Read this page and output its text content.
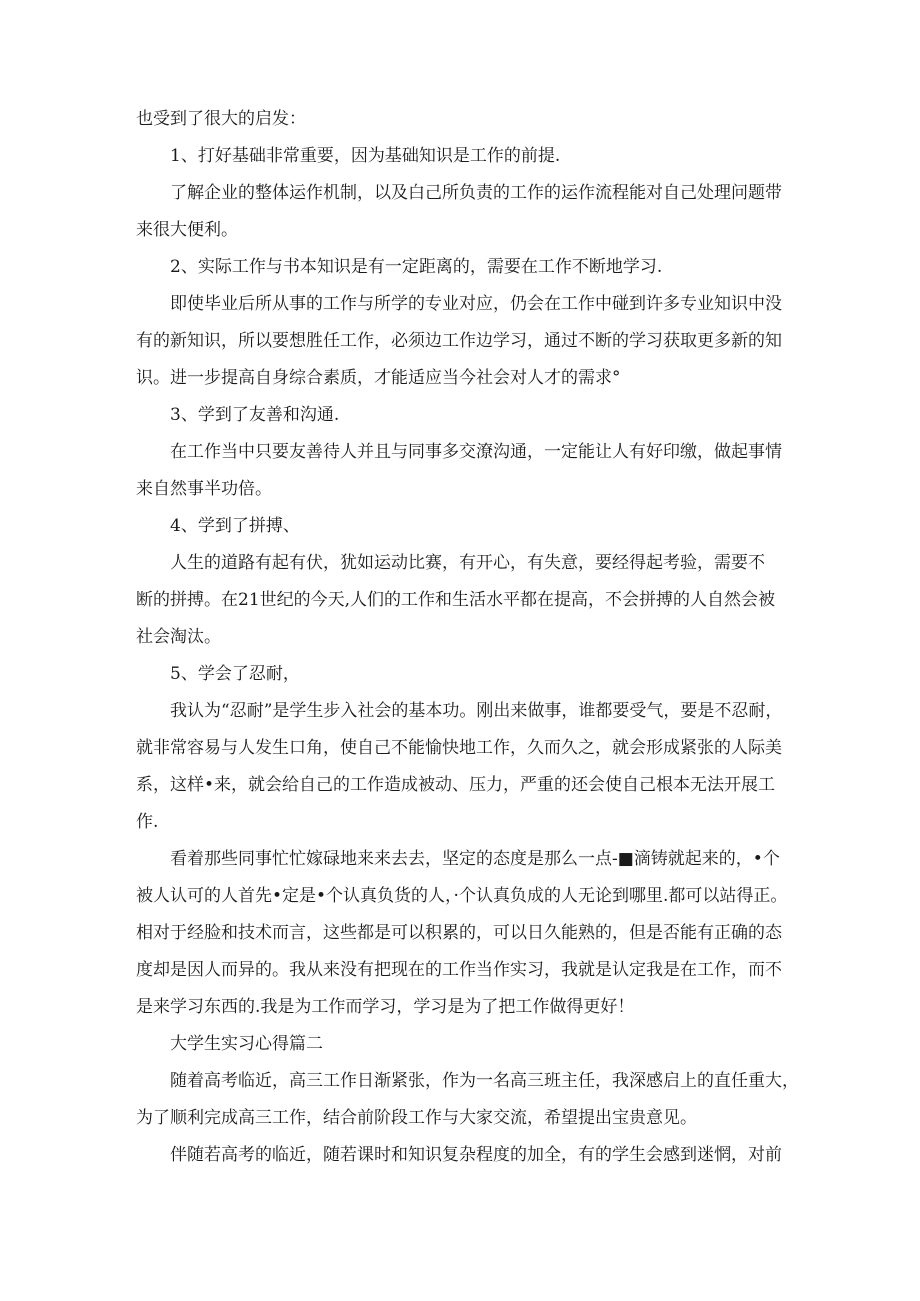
也受到了很大的启发：
1、打好基础非常重要，因为基础知识是工作的前提.
了解企业的整体运作机制，以及白己所负责的工作的运作流程能对自己处理问题带
来很大便利。
2、实际工作与书本知识是有一定距离的，需要在工作不断地学习.
即使毕业后所从事的工作与所学的专业对应，仍会在工作中碰到许多专业知识中没
有的新知识，所以要想胜任工作，必须边工作边学习，通过不断的学习获取更多新的知
识。进一步提高自身综合素质，才能适应当今社会对人才的需求°
3、学到了友善和沟通.
在工作当中只要友善待人并且与同事多交潦沟通，一定能让人有好印缴，做起事情
来自然事半功倍。
4、学到了拼搏、
人生的道路有起有伏，犹如运动比赛，有开心，有失意，要经得起考验，需要不
断的拼搏。在21世纪的今天,人们的工作和生活水平都在提高，不会拼搏的人自然会被
社会淘汰。
5、学会了忍耐，
我认为“忍耐”是学生步入社会的基本功。刚出来做事，谁都要受气，要是不忍耐，
就非常容易与人发生口角，使自己不能愉快地工作，久而久之，就会形成紧张的人际美
系，这样•来，就会给自己的工作造成被动、压力，严重的还会使自己根本无法开展工
作.
看着那些同事忙忙嫁碌地来来去去，坚定的态度是那么一点-■滴铸就起来的，•个
被人认可的人首先•定是•个认真负货的人，·个认真负成的人无论到哪里.都可以站得正。
相对于经脸和技术而言，这些都是可以积累的，可以日久能熟的，但是否能有正确的态
度却是因人而异的。我从来没有把现在的工作当作实习，我就是认定我是在工作，而不
是来学习东西的.我是为工作而学习，学习是为了把工作做得更好！
大学生实习心得篇二
随着高考临近，高三工作日渐紧张，作为一名高三班主任，我深感启上的直任重大，
为了顺利完成高三工作，结合前阶段工作与大家交流，希望提出宝贵意见。
伴随若高考的临近，随若课时和知识复杂程度的加全，有的学生会感到迷惘，对前
